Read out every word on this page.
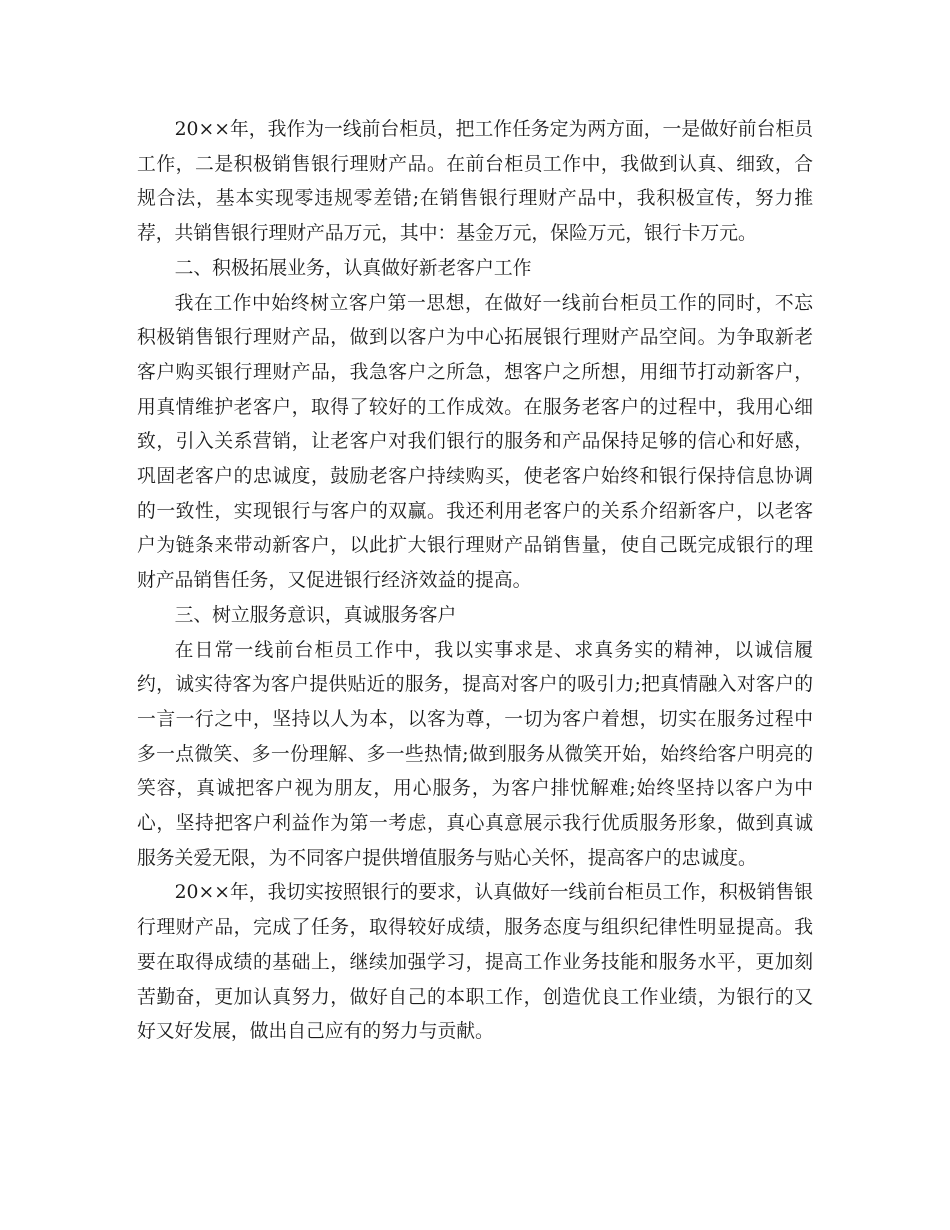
20××年，我作为一线前台柜员，把工作任务定为两方面，一是做好前台柜员工作，二是积极销售银行理财产品。在前台柜员工作中，我做到认真、细致，合规合法，基本实现零违规零差错;在销售银行理财产品中，我积极宣传，努力推荐，共销售银行理财产品万元，其中：基金万元，保险万元，银行卡万元。

二、积极拓展业务，认真做好新老客户工作

我在工作中始终树立客户第一思想，在做好一线前台柜员工作的同时，不忘积极销售银行理财产品，做到以客户为中心拓展银行理财产品空间。为争取新老客户购买银行理财产品，我急客户之所急，想客户之所想，用细节打动新客户，用真情维护老客户，取得了较好的工作成效。在服务老客户的过程中，我用心细致，引入关系营销，让老客户对我们银行的服务和产品保持足够的信心和好感，巩固老客户的忠诚度，鼓励老客户持续购买，使老客户始终和银行保持信息协调的一致性，实现银行与客户的双赢。我还利用老客户的关系介绍新客户，以老客户为链条来带动新客户，以此扩大银行理财产品销售量，使自己既完成银行的理财产品销售任务，又促进银行经济效益的提高。

三、树立服务意识，真诚服务客户

在日常一线前台柜员工作中，我以实事求是、求真务实的精神，以诚信履约，诚实待客为客户提供贴近的服务，提高对客户的吸引力;把真情融入对客户的一言一行之中，坚持以人为本，以客为尊，一切为客户着想，切实在服务过程中多一点微笑、多一份理解、多一些热情;做到服务从微笑开始，始终给客户明亮的笑容，真诚把客户视为朋友，用心服务，为客户排忧解难;始终坚持以客户为中心，坚持把客户利益作为第一考虑，真心真意展示我行优质服务形象，做到真诚服务关爱无限，为不同客户提供增值服务与贴心关怀，提高客户的忠诚度。

20××年，我切实按照银行的要求，认真做好一线前台柜员工作，积极销售银行理财产品，完成了任务，取得较好成绩，服务态度与组织纪律性明显提高。我要在取得成绩的基础上，继续加强学习，提高工作业务技能和服务水平，更加刻苦勤奋，更加认真努力，做好自己的本职工作，创造优良工作业绩，为银行的又好又好发展，做出自己应有的努力与贡献。
